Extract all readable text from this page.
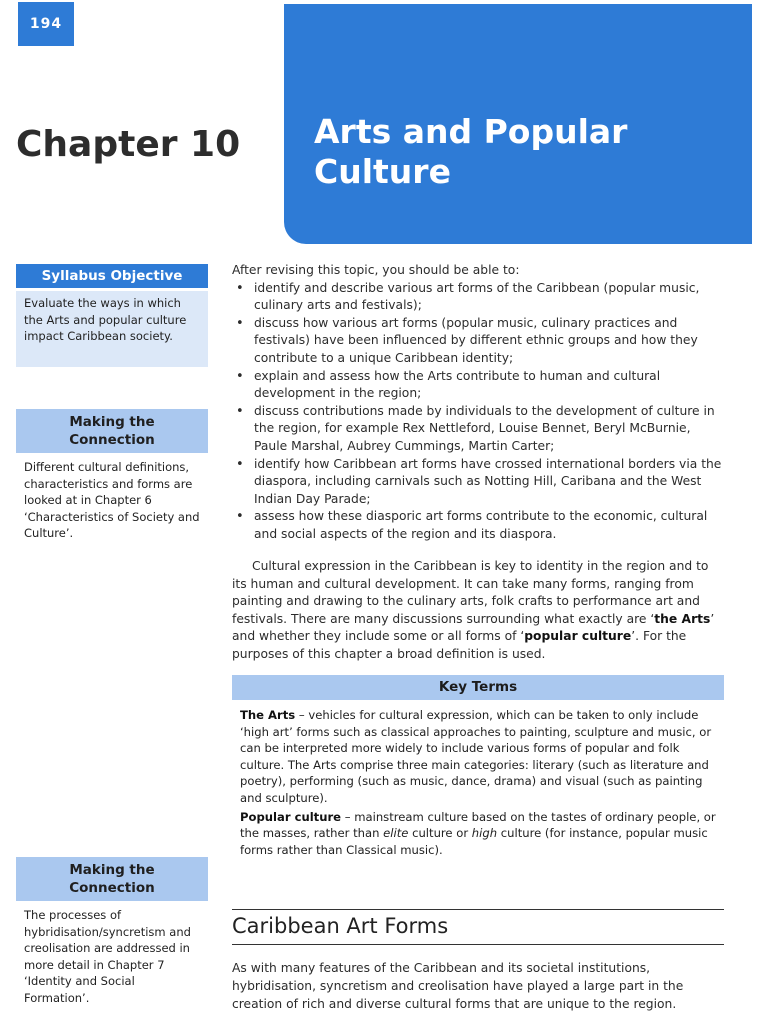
194
Chapter 10 Arts and Popular
Culture
Syllabus Objective
Evaluate the ways in which the Arts and popular culture impact Caribbean society.
Making the
Connection
Different cultural definitions, characteristics and forms are looked at in Chapter 6 ‘Characteristics of Society and Culture’.
Making the
Connection
The processes of hybridisation/syncretism and creolisation are addressed in more detail in Chapter 7 ‘Identity and Social Formation’.
After revising this topic, you should be able to:
• identify and describe various art forms of the Caribbean (popular music, culinary arts and festivals);
• discuss how various art forms (popular music, culinary practices and festivals) have been influenced by different ethnic groups and how they contribute to a unique Caribbean identity;
• explain and assess how the Arts contribute to human and cultural development in the region;
• discuss contributions made by individuals to the development of culture in the region, for example Rex Nettleford, Louise Bennet, Beryl McBurnie, Paule Marshal, Aubrey Cummings, Martin Carter;
• identify how Caribbean art forms have crossed international borders via the diaspora, including carnivals such as Notting Hill, Caribana and the West Indian Day Parade;
• assess how these diasporic art forms contribute to the economic, cultural and social aspects of the region and its diaspora.
Cultural expression in the Caribbean is key to identity in the region and to its human and cultural development. It can take many forms, ranging from painting and drawing to the culinary arts, folk crafts to performance art and festivals. There are many discussions surrounding what exactly are ‘the Arts’ and whether they include some or all forms of ‘popular culture’. For the purposes of this chapter a broad definition is used.
Key Terms

The Arts – vehicles for cultural expression, which can be taken to only include ‘high art’ forms such as classical approaches to painting, sculpture and music, or can be interpreted more widely to include various forms of popular and folk culture. The Arts comprise three main categories: literary (such as literature and poetry), performing (such as music, dance, drama) and visual (such as painting and sculpture).

Popular culture – mainstream culture based on the tastes of ordinary people, or the masses, rather than elite culture or high culture (for instance, popular music forms rather than Classical music).

Caribbean Art Forms
As with many features of the Caribbean and its societal institutions, hybridisation, syncretism and creolisation have played a large part in the creation of rich and diverse cultural forms that are unique to the region.
